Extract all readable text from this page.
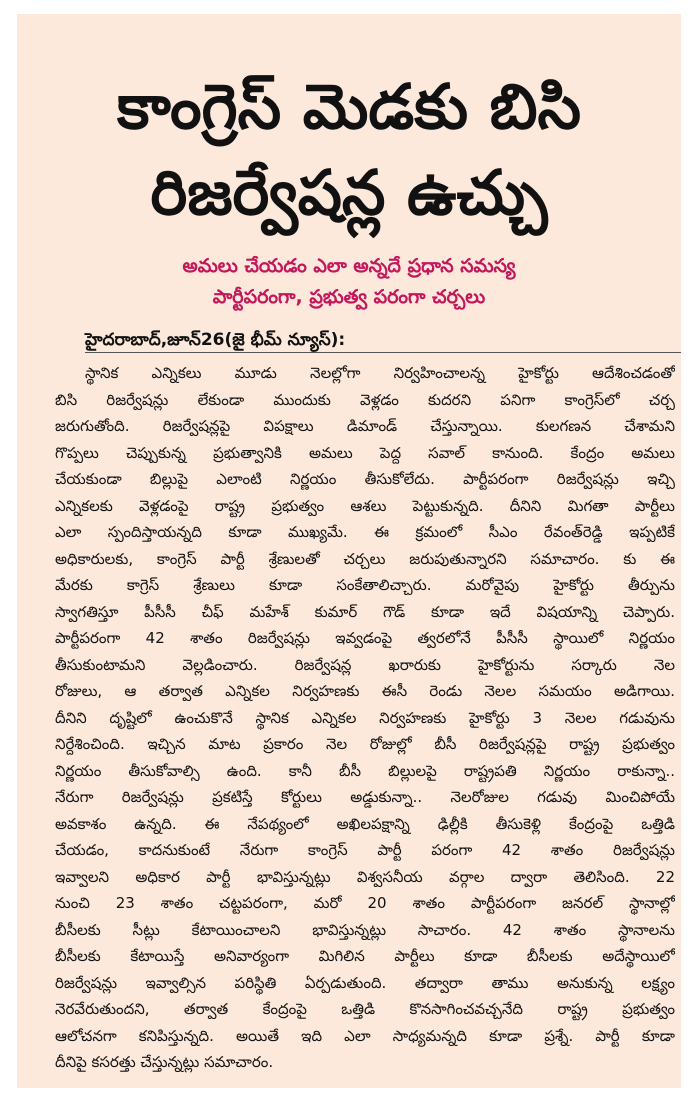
కాంగ్రెస్ మెడకు బిసి
రిజర్వేషన్ల ఉచ్చు
అమలు చేయడం ఎలా అన్నదే ప్రధాన సమస్య
పార్టీపరంగా, ప్రభుత్వ పరంగా చర్చలు
హైదరాబాద్,జూన్26(జై భీమ్ న్యూస్):
స్థానిక ఎన్నికలు మూడు నెలల్లోగా నిర్వహించాలన్న హైకోర్టు ఆదేశించడంతో
బిసి రిజర్వేషన్లు లేకుండా ముందుకు వెళ్లడం కుదరని పనిగా కాంగ్రెస్‌లో చర్చ
జరుగుతోంది. రిజర్వేషన్లపై విపక్షాలు డిమాండ్ చేస్తున్నాయి. కులగణన చేశామని
గొప్పలు చెప్పుకున్న ప్రభుత్వానికి అమలు పెద్ద సవాల్ కానుంది. కేంద్రం అమలు
చేయకుండా బిల్లుపై ఎలాంటి నిర్ణయం తీసుకోలేదు. పార్టీపరంగా రిజర్వేషన్లు ఇచ్చి
ఎన్నికలకు వెళ్లడంపై రాష్ట్ర ప్రభుత్వం ఆశలు పెట్టుకున్నది. దీనిని మిగతా పార్టీలు
ఎలా స్పందిస్తాయన్నది కూడా ముఖ్యమే. ఈ క్రమంలో సీఎం రేవంత్‌రెడ్డి ఇప్పటికే
అధికారులకు, కాంగ్రెస్ పార్టీ శ్రేణులతో చర్చలు జరుపుతున్నారని సమాచారం. కు ఈ
మేరకు కాగ్రెస్ శ్రేణులు కూడా సంకేతాలిచ్చారు. మరోవైపు హైకోర్టు తీర్పును
స్వాగతిస్తూ పీసీసీ చీఫ్ మహేశ్ కుమార్ గౌడ్ కూడా ఇదే విషయాన్ని చెప్పారు.
పార్టీపరంగా 42 శాతం రిజర్వేషన్లు ఇవ్వడంపై త్వరలోనే పీసీసీ స్థాయిలో నిర్ణయం
తీసుకుంటామని వెల్లడించారు. రిజర్వేషన్ల ఖరారుకు హైకోర్టును సర్కారు నెల
రోజులు, ఆ తర్వాత ఎన్నికల నిర్వహణకు ఈసీ రెండు నెలల సమయం అడిగాయి.
దీనిని దృష్టిలో ఉంచుకొనే స్థానిక ఎన్నికల నిర్వహణకు హైకోర్టు 3 నెలల గడువును
నిర్దేశించింది. ఇచ్చిన మాట ప్రకారం నెల రోజుల్లో బీసీ రిజర్వేషన్లపై రాష్ట్ర ప్రభుత్వం
నిర్ణయం తీసుకోవాల్సి ఉంది. కానీ బీసీ బిల్లులపై రాష్ట్రపతి నిర్ణయం రాకున్నా..
నేరుగా రిజర్వేషన్లు ప్రకటిస్తే కోర్టులు అడ్డుకున్నా.. నెలరోజుల గడువు మించిపోయే
అవకాశం ఉన్నది. ఈ నేపథ్యంలో అఖిలపక్షాన్ని ఢిల్లీకి తీసుకెళ్లి కేంద్రంపై ఒత్తిడి
చేయడం, కాదనుకుంటే నేరుగా కాంగ్రెస్ పార్టీ పరంగా 42 శాతం రిజర్వేషన్లు
ఇవ్వాలని అధికార పార్టీ భావిస్తున్నట్లు విశ్వసనీయ వర్గాల ద్వారా తెలిసింది. 22
నుంచి 23 శాతం చట్టపరంగా, మరో 20 శాతం పార్టీపరంగా జనరల్ స్థానాల్లో
బీసీలకు సీట్లు కేటాయించాలని భావిస్తున్నట్లు సాచారం. 42 శాతం స్థానాలను
బీసీలకు కేటాయిస్తే అనివార్యంగా మిగిలిన పార్టీలు కూడా బీసీలకు అదేస్థాయిలో
రిజర్వేషన్లు ఇవ్వాల్సిన పరిస్థితి ఏర్పడుతుంది. తద్వారా తాము అనుకున్న లక్ష్యం
నెరవేరుతుందని, తర్వాత కేంద్రంపై ఒత్తిడి కొనసాగించవచ్చనేది రాష్ట్ర ప్రభుత్వం
ఆలోచనగా కనిపిస్తున్నది. అయితే ఇది ఎలా సాధ్యమన్నది కూడా ప్రశ్నే. పార్టీ కూడా
దీనిపై కసరత్తు చేస్తున్నట్లు సమాచారం.
